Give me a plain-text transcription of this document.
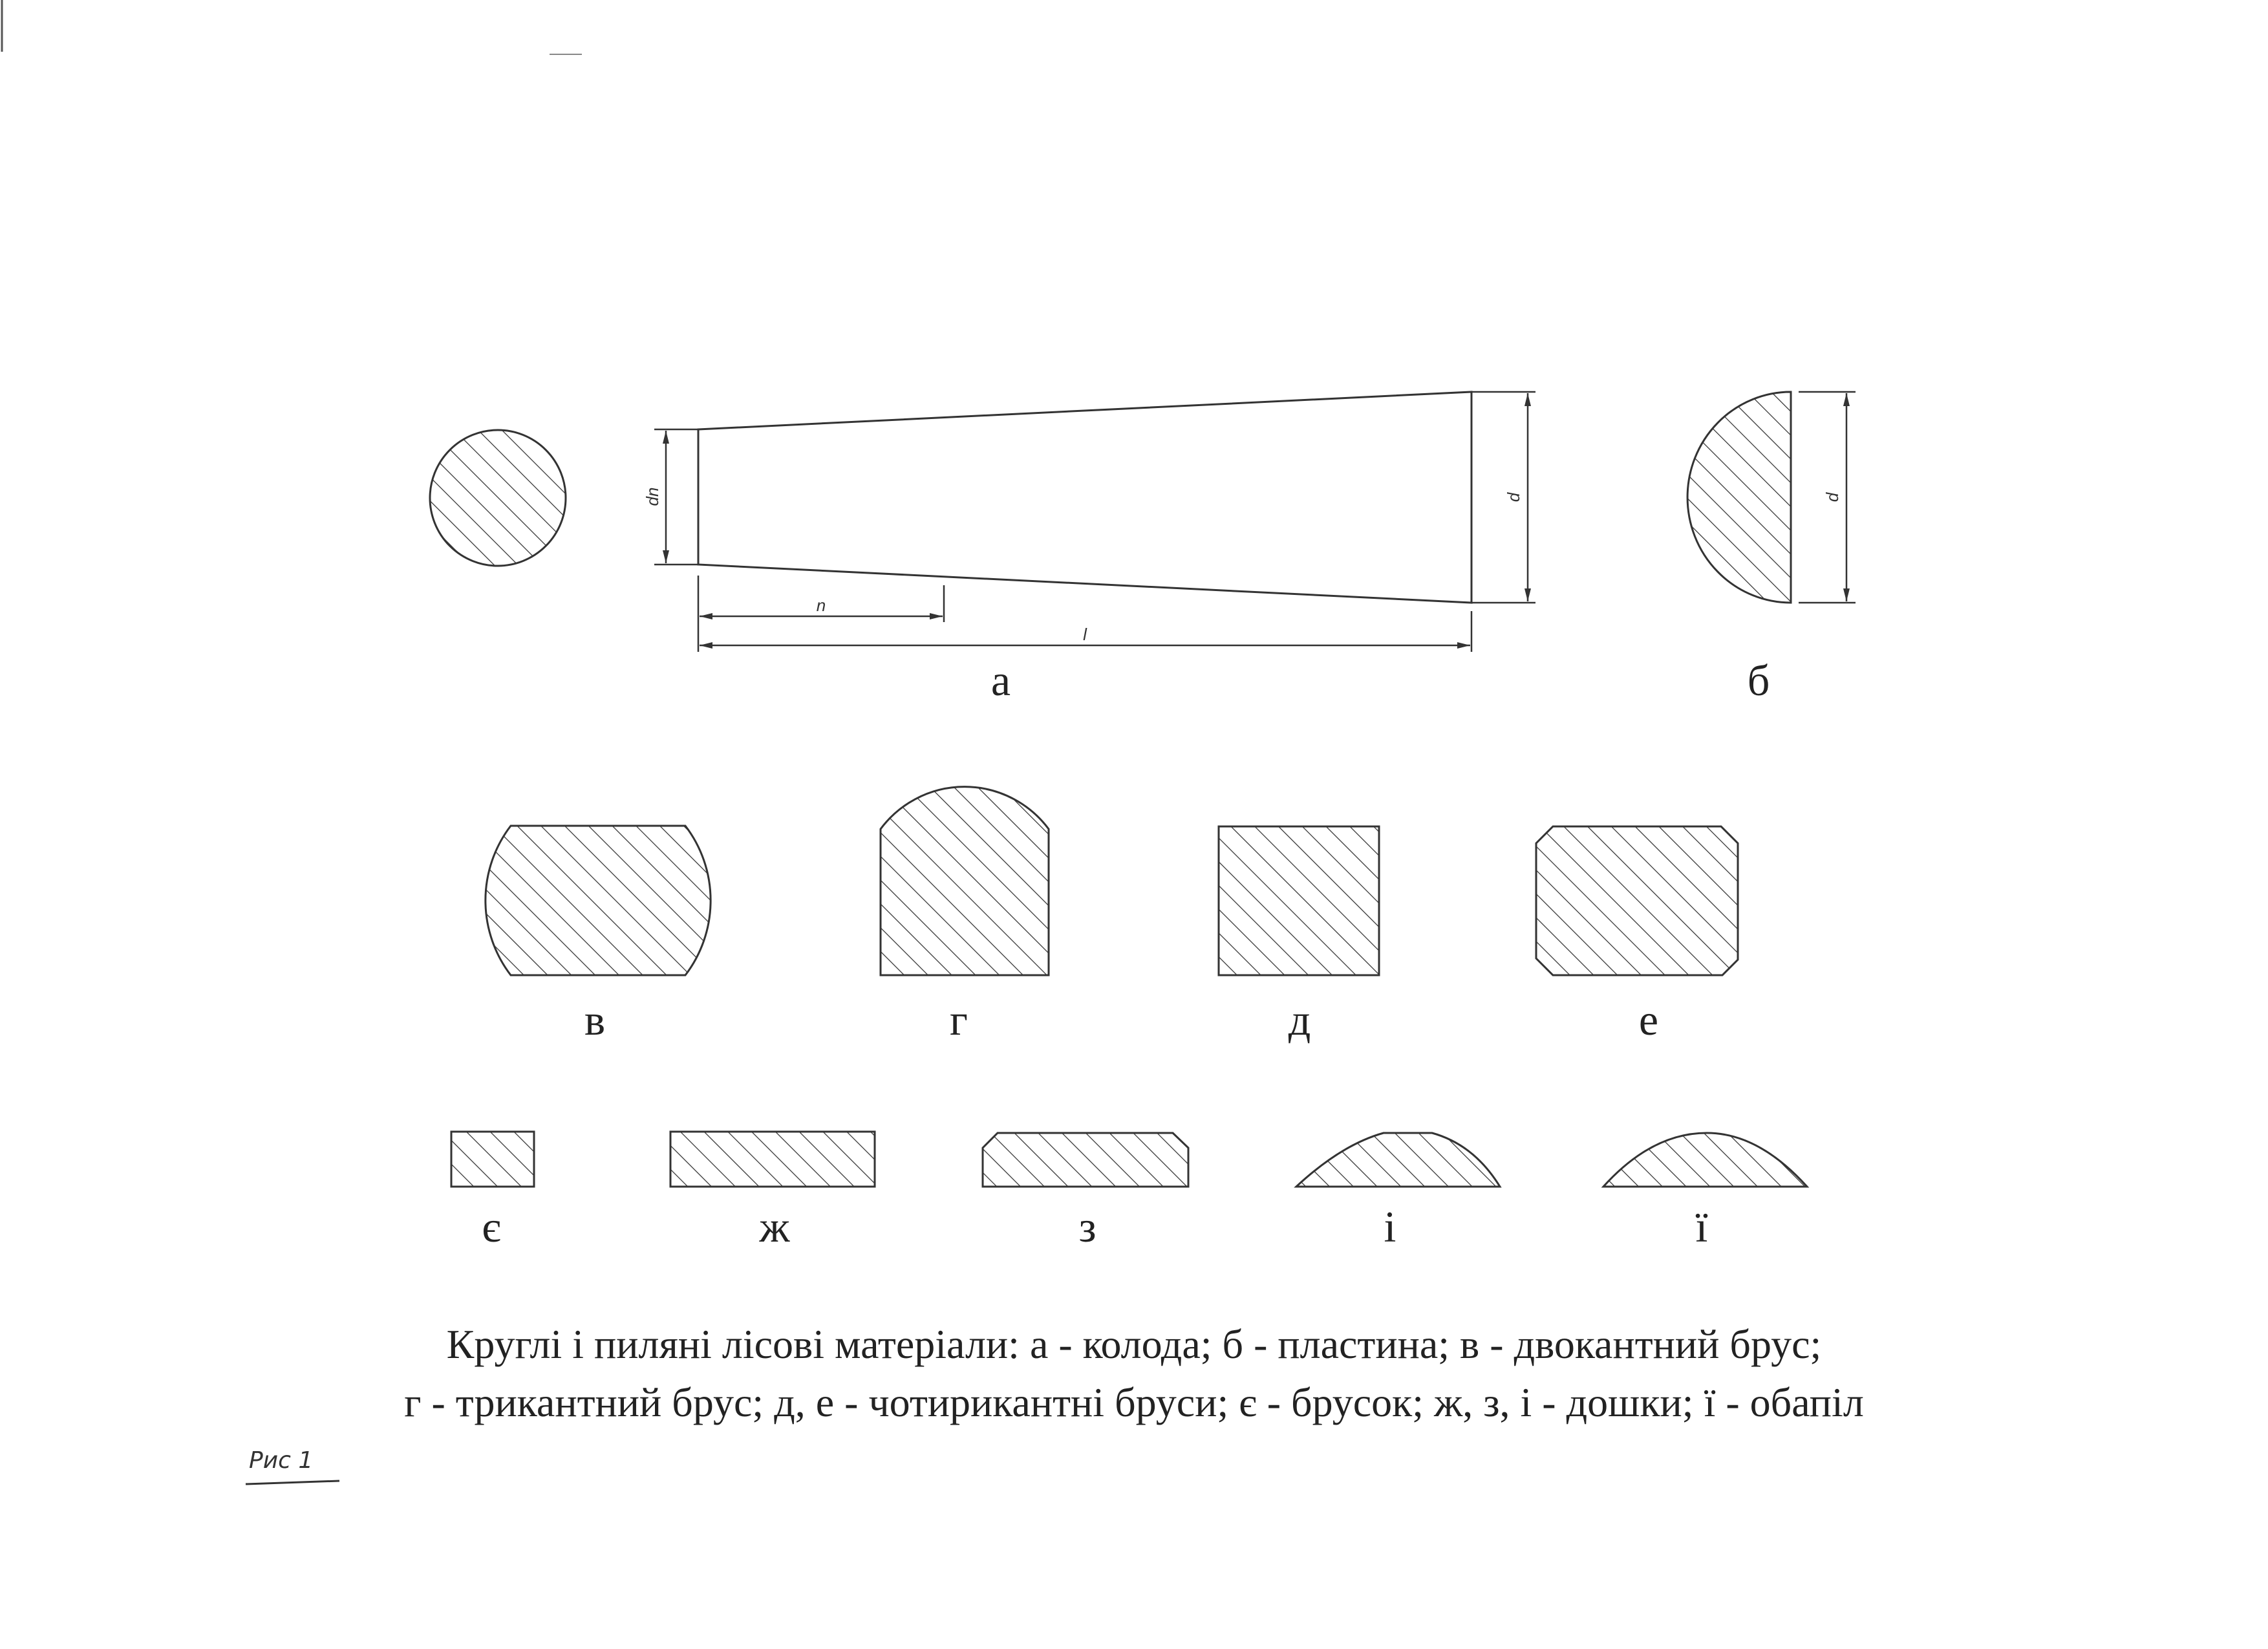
dn	d
n
l
а
d
б
в	г	д	е
є	ж	з	і	ї
Круглі і пиляні лісові матеріали: а - колода; б - пластина; в - двокантний брус;
г - трикантний брус; д, е - чотирикантні бруси; є - брусок; ж, з, і - дошки; ї - обапіл
Рис 1
